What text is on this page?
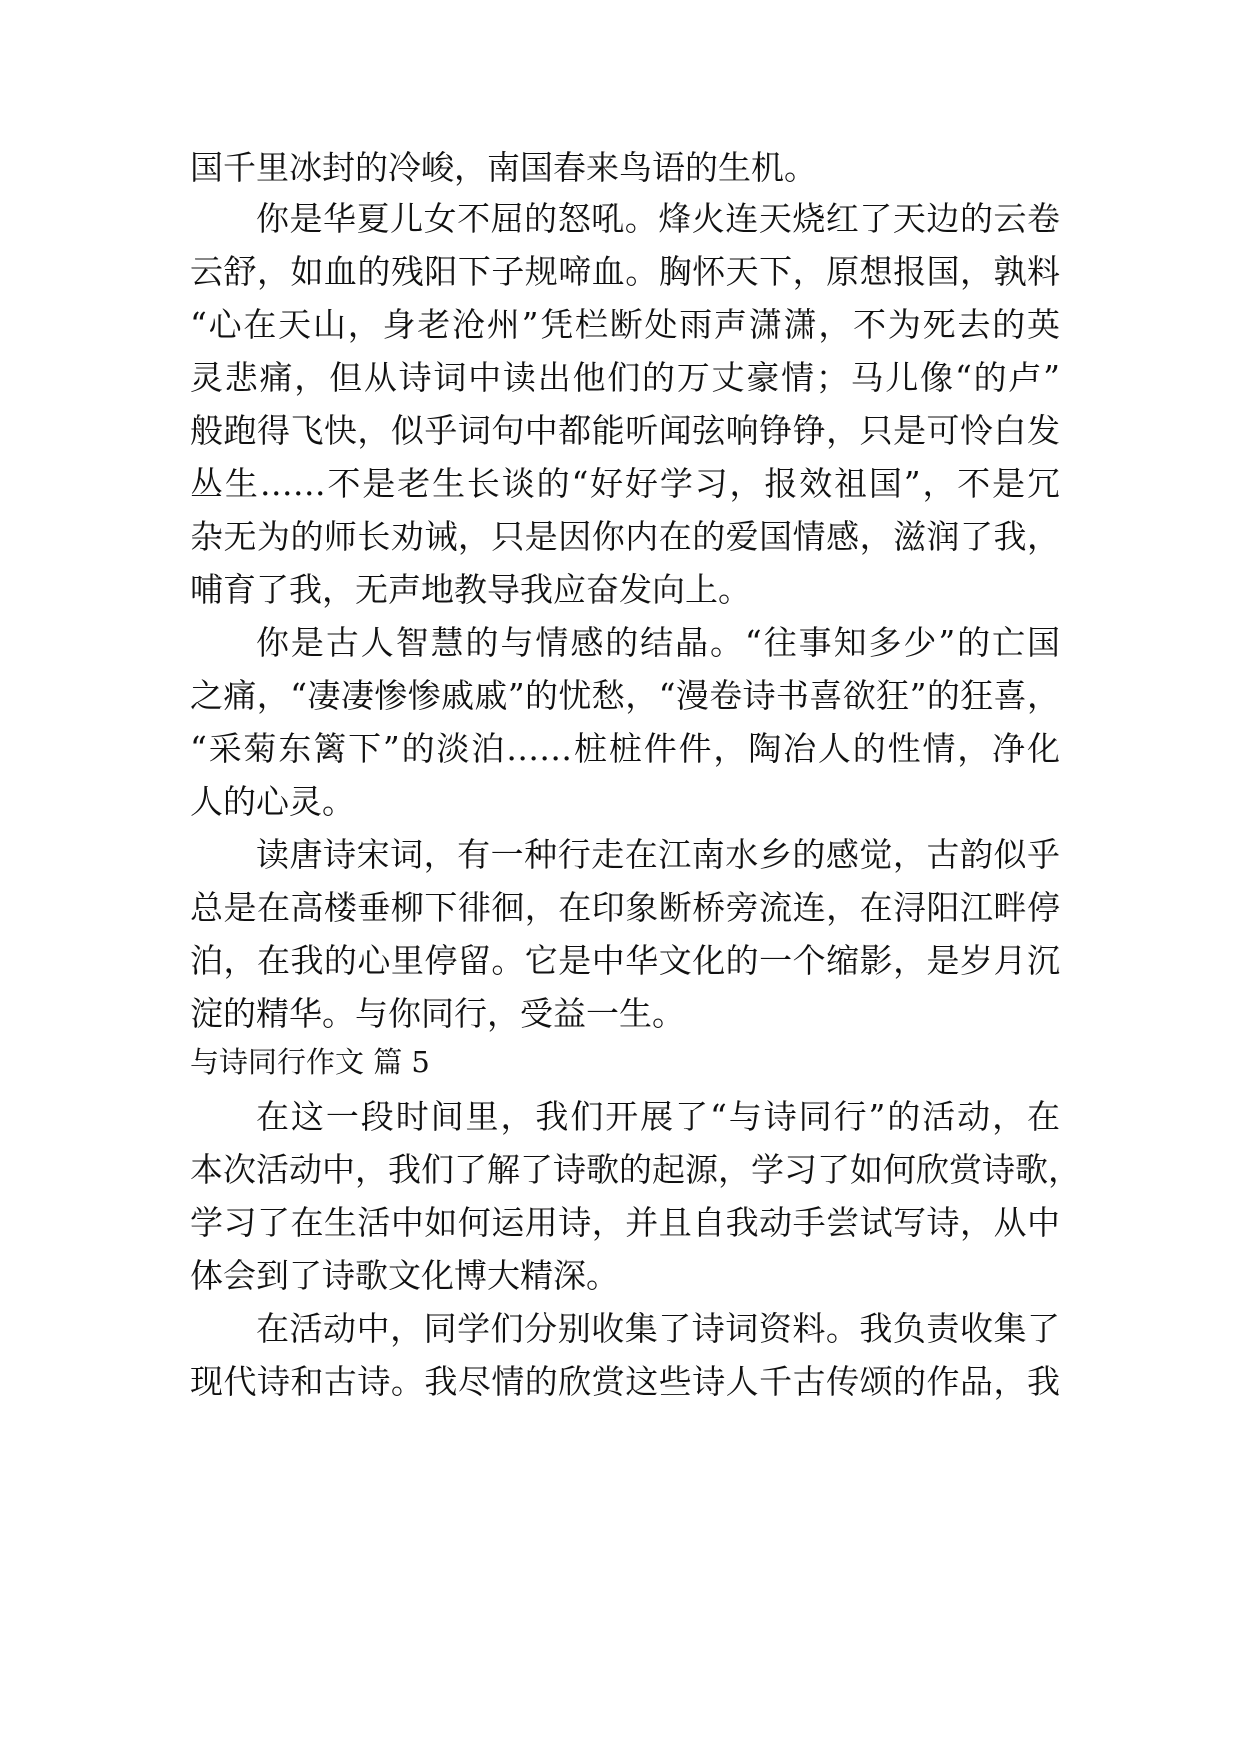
国千里冰封的冷峻，南国春来鸟语的生机。
你是华夏儿女不屈的怒吼。烽火连天烧红了天边的云卷
云舒，如血的残阳下子规啼血。胸怀天下，原想报国，孰料
“心在天山，身老沧州”凭栏断处雨声潇潇，不为死去的英
灵悲痛，但从诗词中读出他们的万丈豪情；马儿像“的卢”
般跑得飞快，似乎词句中都能听闻弦响铮铮，只是可怜白发
丛生……不是老生长谈的“好好学习，报效祖国”，不是冗
杂无为的师长劝诫，只是因你内在的爱国情感，滋润了我，
哺育了我，无声地教导我应奋发向上。
你是古人智慧的与情感的结晶。“往事知多少”的亡国
之痛，“凄凄惨惨戚戚”的忧愁，“漫卷诗书喜欲狂”的狂喜，
“采菊东篱下”的淡泊……桩桩件件，陶冶人的性情，净化
人的心灵。
读唐诗宋词，有一种行走在江南水乡的感觉，古韵似乎
总是在高楼垂柳下徘徊，在印象断桥旁流连，在浔阳江畔停
泊，在我的心里停留。它是中华文化的一个缩影，是岁月沉
淀的精华。与你同行，受益一生。
与诗同行作文 篇 5
在这一段时间里，我们开展了“与诗同行”的活动，在
本次活动中，我们了解了诗歌的起源，学习了如何欣赏诗歌，
学习了在生活中如何运用诗，并且自我动手尝试写诗，从中
体会到了诗歌文化博大精深。
在活动中，同学们分别收集了诗词资料。我负责收集了
现代诗和古诗。我尽情的欣赏这些诗人千古传颂的作品，我
